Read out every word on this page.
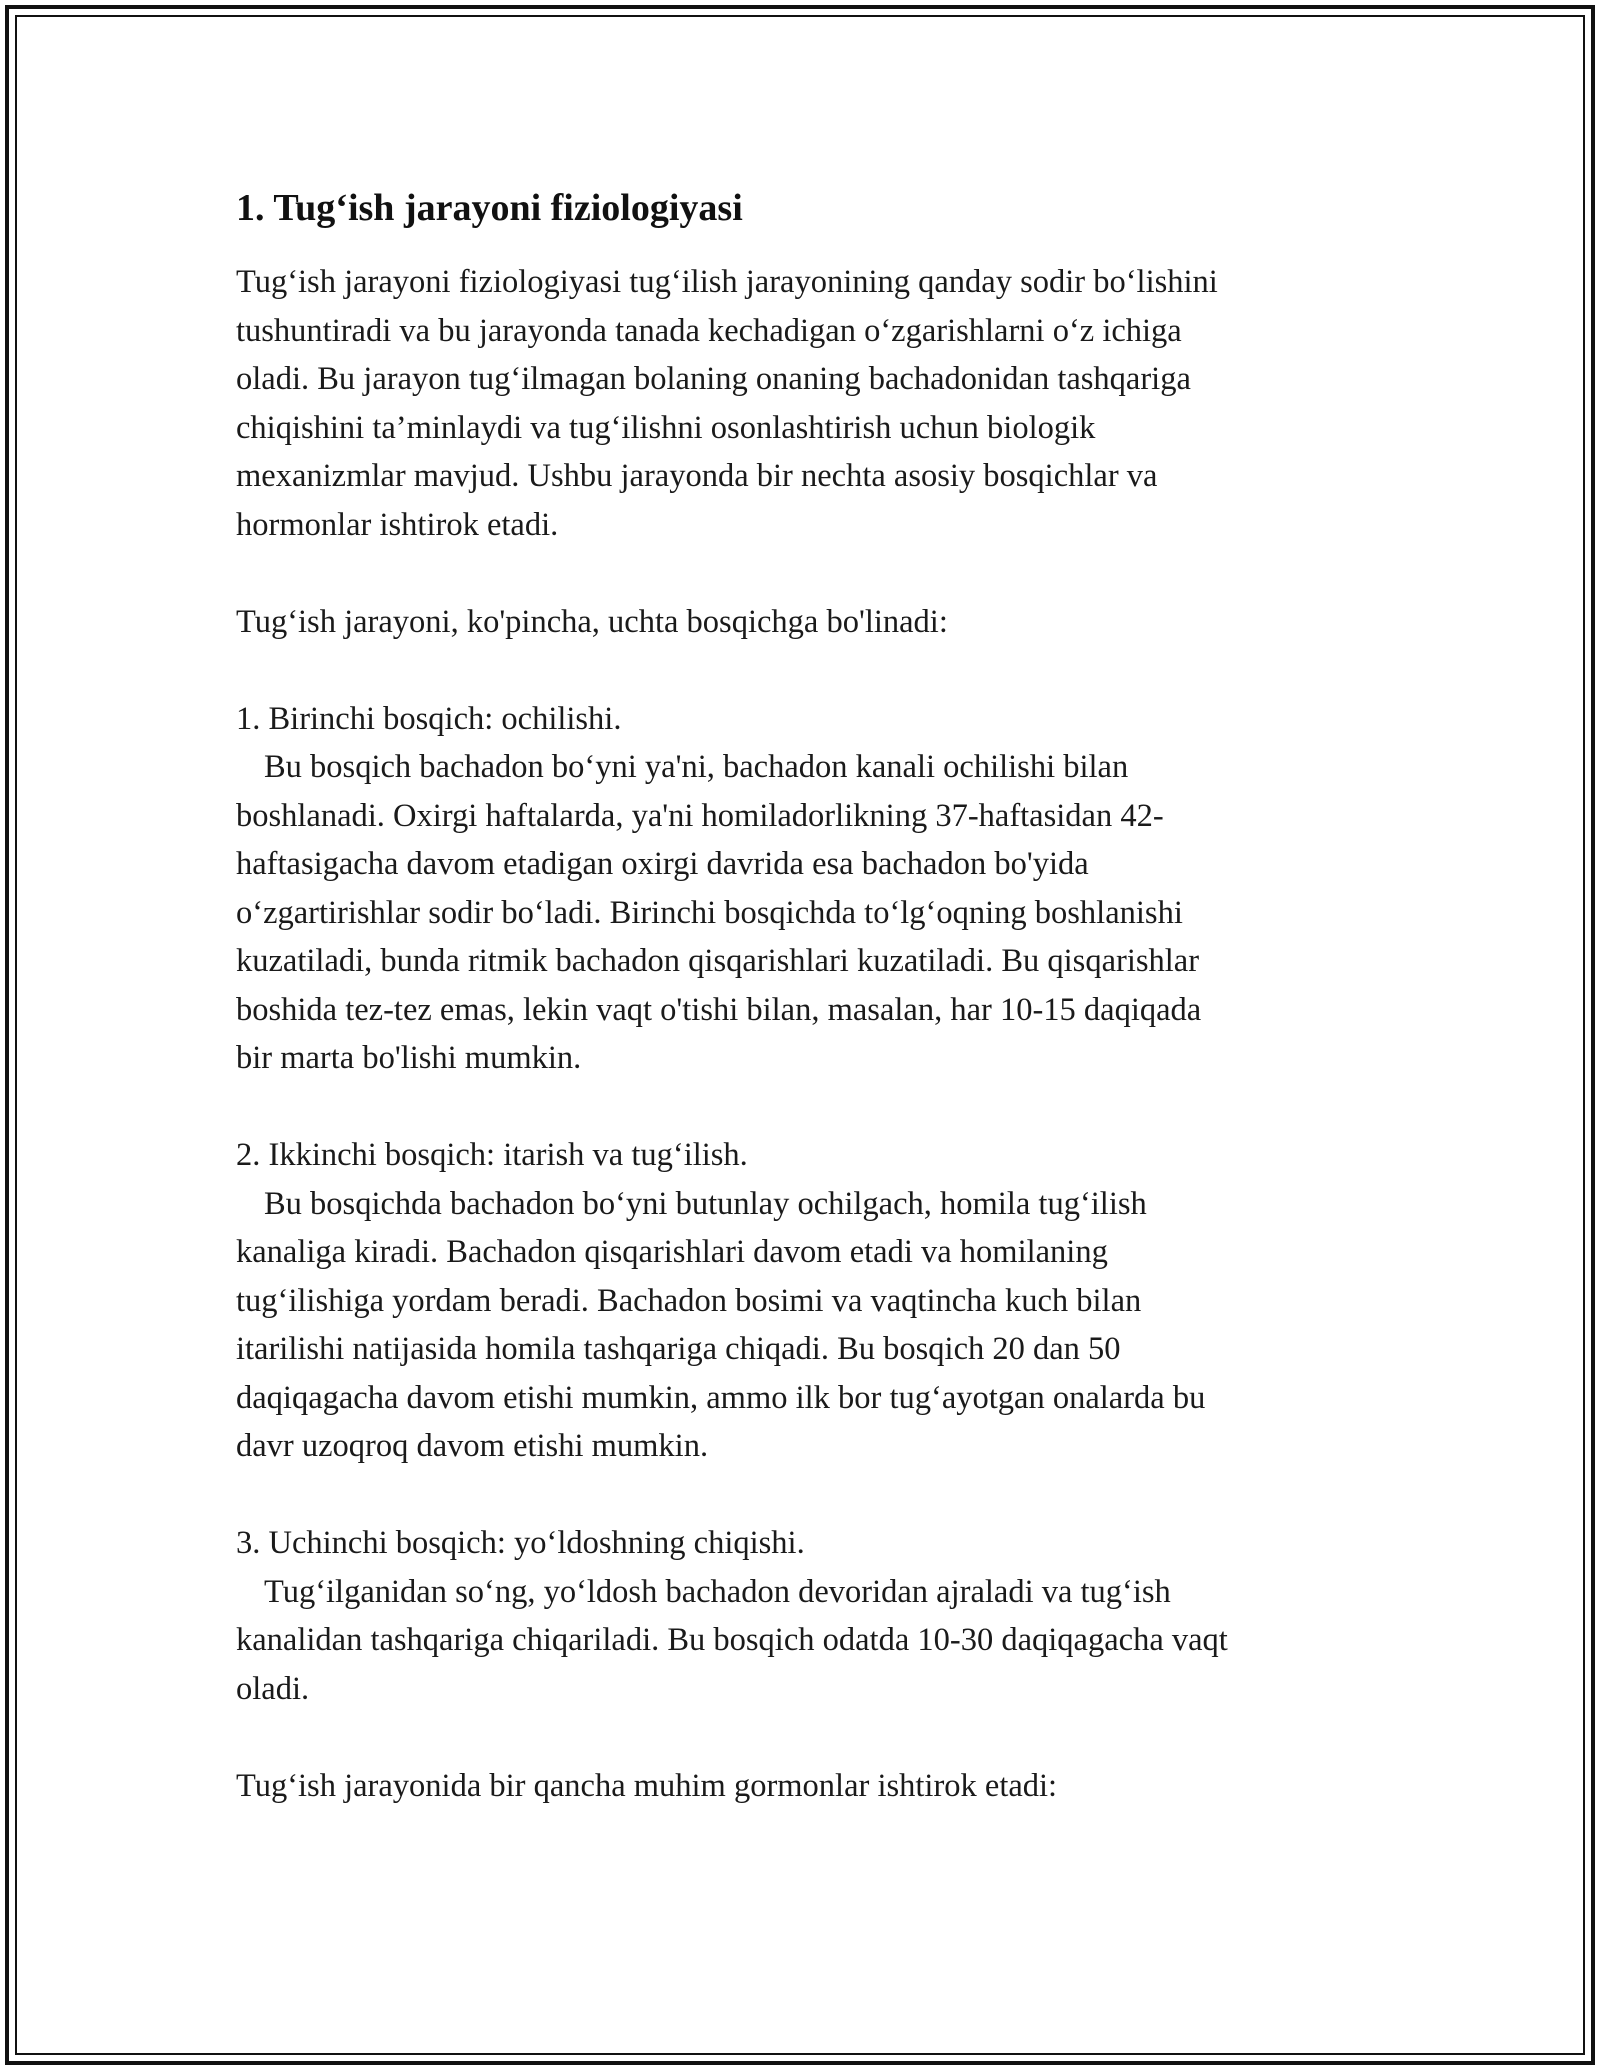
1. Tug‘ish jarayoni fiziologiyasi

Tug‘ish jarayoni fiziologiyasi tug‘ilish jarayonining qanday sodir bo‘lishini
tushuntiradi va bu jarayonda tanada kechadigan o‘zgarishlarni o‘z ichiga
oladi. Bu jarayon tug‘ilmagan bolaning onaning bachadonidan tashqariga
chiqishini ta’minlaydi va tug‘ilishni osonlashtirish uchun biologik
mexanizmlar mavjud. Ushbu jarayonda bir nechta asosiy bosqichlar va
hormonlar ishtirok etadi.

Tug‘ish jarayoni, ko'pincha, uchta bosqichga bo'linadi:

1. Birinchi bosqich: ochilishi.

Bu bosqich bachadon bo‘yni ya'ni, bachadon kanali ochilishi bilan
boshlanadi. Oxirgi haftalarda, ya'ni homiladorlikning 37-haftasidan 42-
haftasigacha davom etadigan oxirgi davrida esa bachadon bo'yida
o‘zgartirishlar sodir bo‘ladi. Birinchi bosqichda to‘lg‘oqning boshlanishi
kuzatiladi, bunda ritmik bachadon qisqarishlari kuzatiladi. Bu qisqarishlar
boshida tez-tez emas, lekin vaqt o'tishi bilan, masalan, har 10-15 daqiqada
bir marta bo'lishi mumkin.

2. Ikkinchi bosqich: itarish va tug‘ilish.

Bu bosqichda bachadon bo‘yni butunlay ochilgach, homila tug‘ilish
kanaliga kiradi. Bachadon qisqarishlari davom etadi va homilaning
tug‘ilishiga yordam beradi. Bachadon bosimi va vaqtincha kuch bilan
itarilishi natijasida homila tashqariga chiqadi. Bu bosqich 20 dan 50
daqiqagacha davom etishi mumkin, ammo ilk bor tug‘ayotgan onalarda bu
davr uzoqroq davom etishi mumkin.

3. Uchinchi bosqich: yo‘ldoshning chiqishi.

Tug‘ilganidan so‘ng, yo‘ldosh bachadon devoridan ajraladi va tug‘ish
kanalidan tashqariga chiqariladi. Bu bosqich odatda 10-30 daqiqagacha vaqt
oladi.

Tug‘ish jarayonida bir qancha muhim gormonlar ishtirok etadi:
